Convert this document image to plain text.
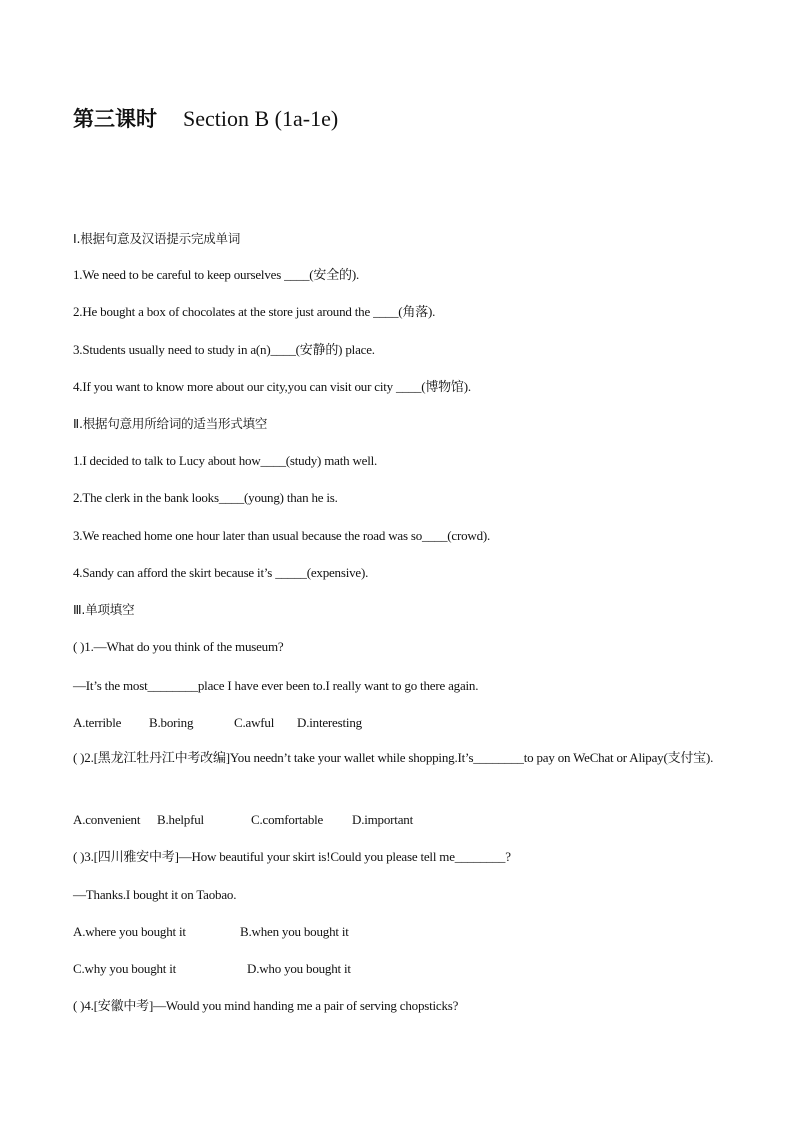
第三课时 Section B (1a-1e)
Ⅰ.根据句意及汉语提示完成单词
1.We need to be careful to keep ourselves ____(安全的).
2.He bought a box of chocolates at the store just around the ____(角落).
3.Students usually need to study in a(n)____(安静的) place.
4.If you want to know more about our city,you can visit our city ____(博物馆).
Ⅱ.根据句意用所给词的适当形式填空
1.I decided to talk to Lucy about how____(study) math well.
2.The clerk in the bank looks____(young) than he is.
3.We reached home one hour later than usual because the road was so____(crowd).
4.Sandy can afford the skirt because it’s _____(expensive).
Ⅲ.单项填空
( )1.—What do you think of the museum?
—It’s the most________place I have ever been to.I really want to go there again.
A.terrible B.boring	C.awful D.interesting
( )2.[黑龙江牡丹江中考改编]You needn’t take your wallet while shopping.It’s________to pay on WeChat or Alipay(支付宝).
A.convenient B.helpful	C.comfortable D.important
( )3.[四川雅安中考]—How beautiful your skirt is!Could you please tell me________?
—Thanks.I bought it on Taobao.
A.where you bought it	B.when you bought it
C.why you bought it	D.who you bought it
( )4.[安徽中考]—Would you mind handing me a pair of serving chopsticks?
